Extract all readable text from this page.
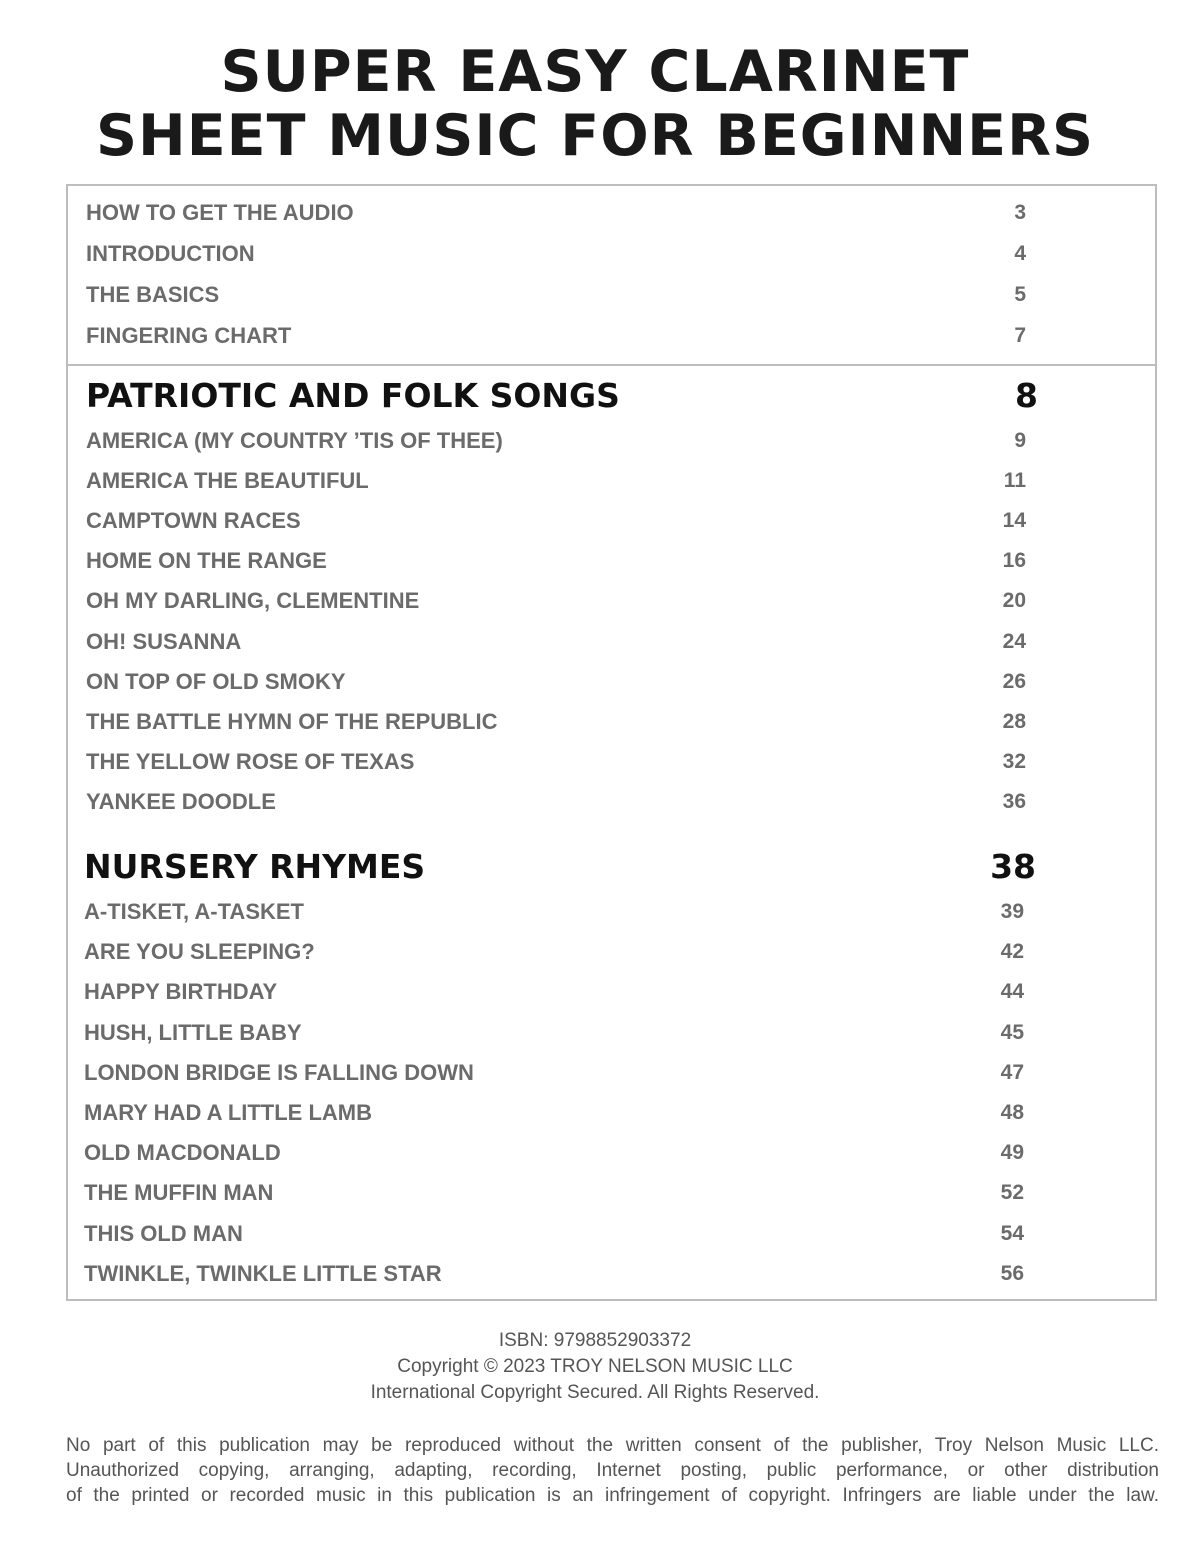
SUPER EASY CLARINET
SHEET MUSIC FOR BEGINNERS
HOW TO GET THE AUDIO	3
INTRODUCTION	4
THE BASICS	5
FINGERING CHART	7
PATRIOTIC AND FOLK SONGS	8
AMERICA (MY COUNTRY ’TIS OF THEE)	9
AMERICA THE BEAUTIFUL	11
CAMPTOWN RACES	14
HOME ON THE RANGE	16
OH MY DARLING, CLEMENTINE	20
OH! SUSANNA	24
ON TOP OF OLD SMOKY	26
THE BATTLE HYMN OF THE REPUBLIC	28
THE YELLOW ROSE OF TEXAS	32
YANKEE DOODLE	36
NURSERY RHYMES	38
A-TISKET, A-TASKET	39
ARE YOU SLEEPING?	42
HAPPY BIRTHDAY	44
HUSH, LITTLE BABY	45
LONDON BRIDGE IS FALLING DOWN	47
MARY HAD A LITTLE LAMB	48
OLD MACDONALD	49
THE MUFFIN MAN	52
THIS OLD MAN	54
TWINKLE, TWINKLE LITTLE STAR	56
ISBN: 9798852903372
Copyright © 2023 TROY NELSON MUSIC LLC
International Copyright Secured. All Rights Reserved.
No part of this publication may be reproduced without the written consent of the publisher, Troy Nelson Music LLC.
Unauthorized copying, arranging, adapting, recording, Internet posting, public performance, or other distribution
of the printed or recorded music in this publication is an infringement of copyright. Infringers are liable under the law.
